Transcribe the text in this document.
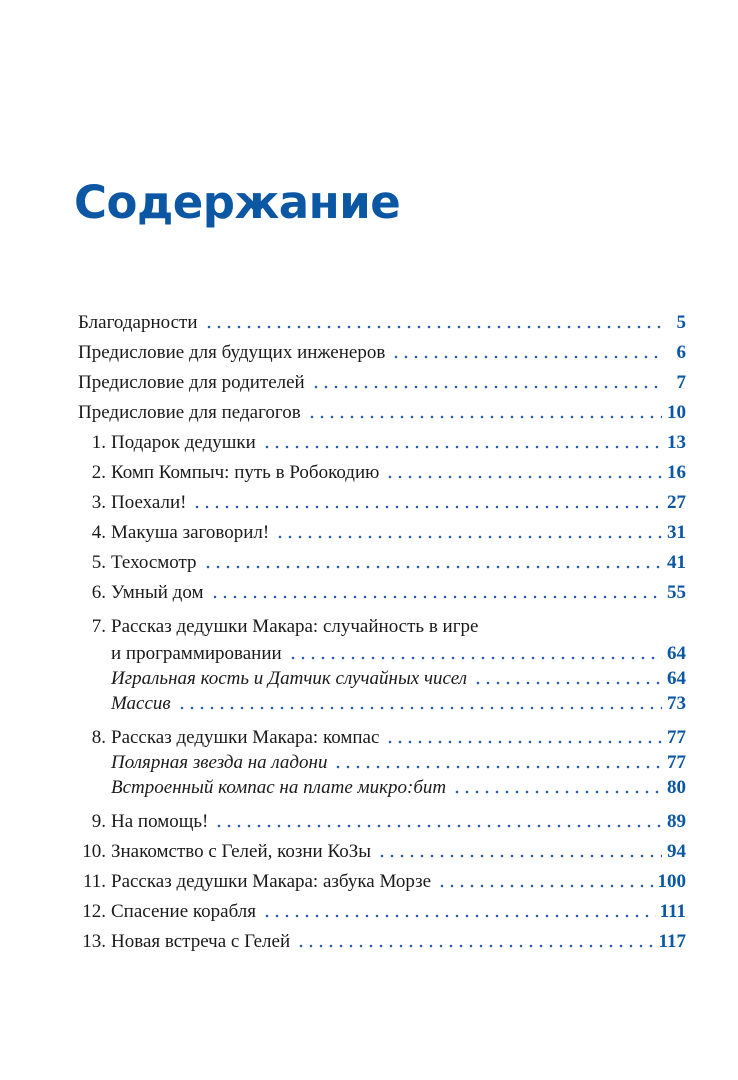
Содержание
Благодарности	5
Предисловие для будущих инженеров	6
Предисловие для родителей	7
Предисловие для педагогов	10
1. Подарок дедушки	13
2. Комп Компыч: путь в Робокодию	16
3. Поехали!	27
4. Макуша заговорил!	31
5. Техосмотр	41
6. Умный дом	55
7. Рассказ дедушки Макара: случайность в игре
и программировании	64
Игральная кость и Датчик случайных чисел	64
Массив	73
8. Рассказ дедушки Макара: компас	77
Полярная звезда на ладони	77
Встроенный компас на плате микро:бит	80
9. На помощь!	89
10. Знакомство с Гелей, козни КоЗы	94
11. Рассказ дедушки Макара: азбука Морзе	100
12. Спасение корабля	111
13. Новая встреча с Гелей	117
